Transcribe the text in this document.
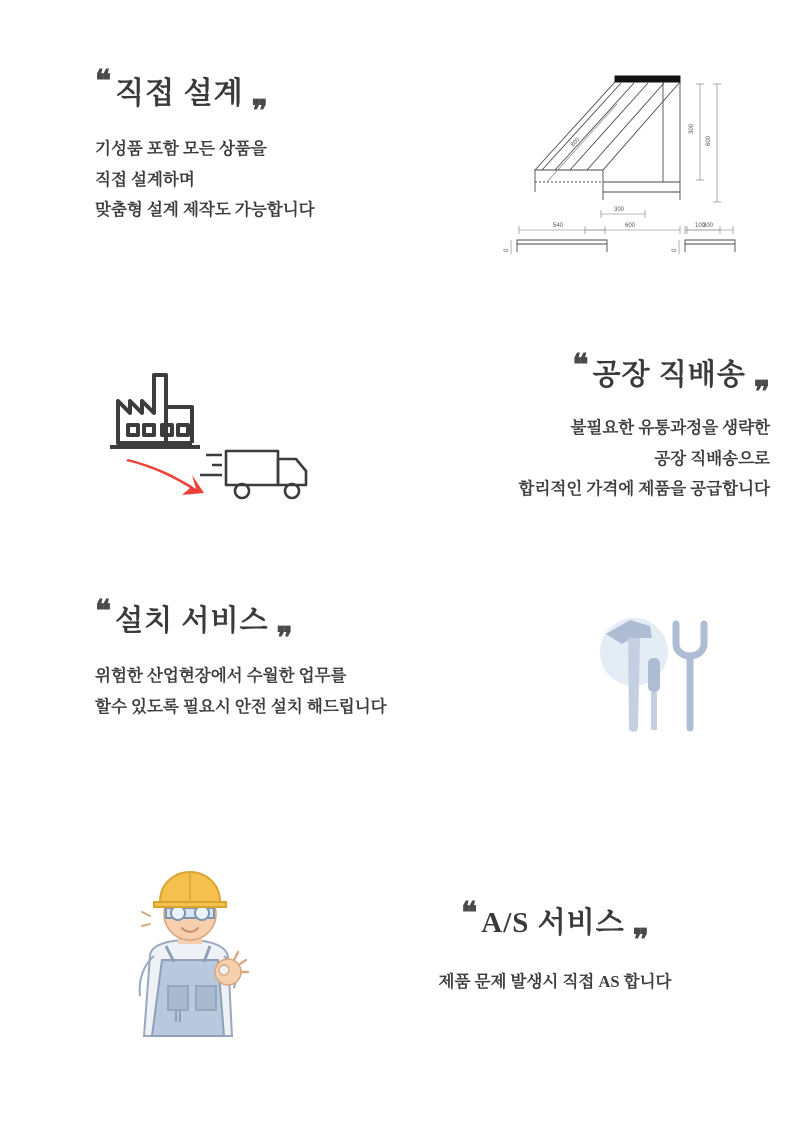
❝ 직접 설계❞
기성품 포함 모든 상품을
직접 설계하며
맞춤형 설계 제작도 가능합니다
800
300
600	100
300
600
540	300
0	0
❝ 공장 직배송❞
불필요한 유통과정을 생략한
공장 직배송으로
합리적인 가격에 제품을 공급합니다
❝ 설치 서비스❞
위험한 산업현장에서 수월한 업무를
할수 있도록 필요시 안전 설치 해드립니다
❝ A/S 서비스❞
제품 문제 발생시 직접 AS 합니다
